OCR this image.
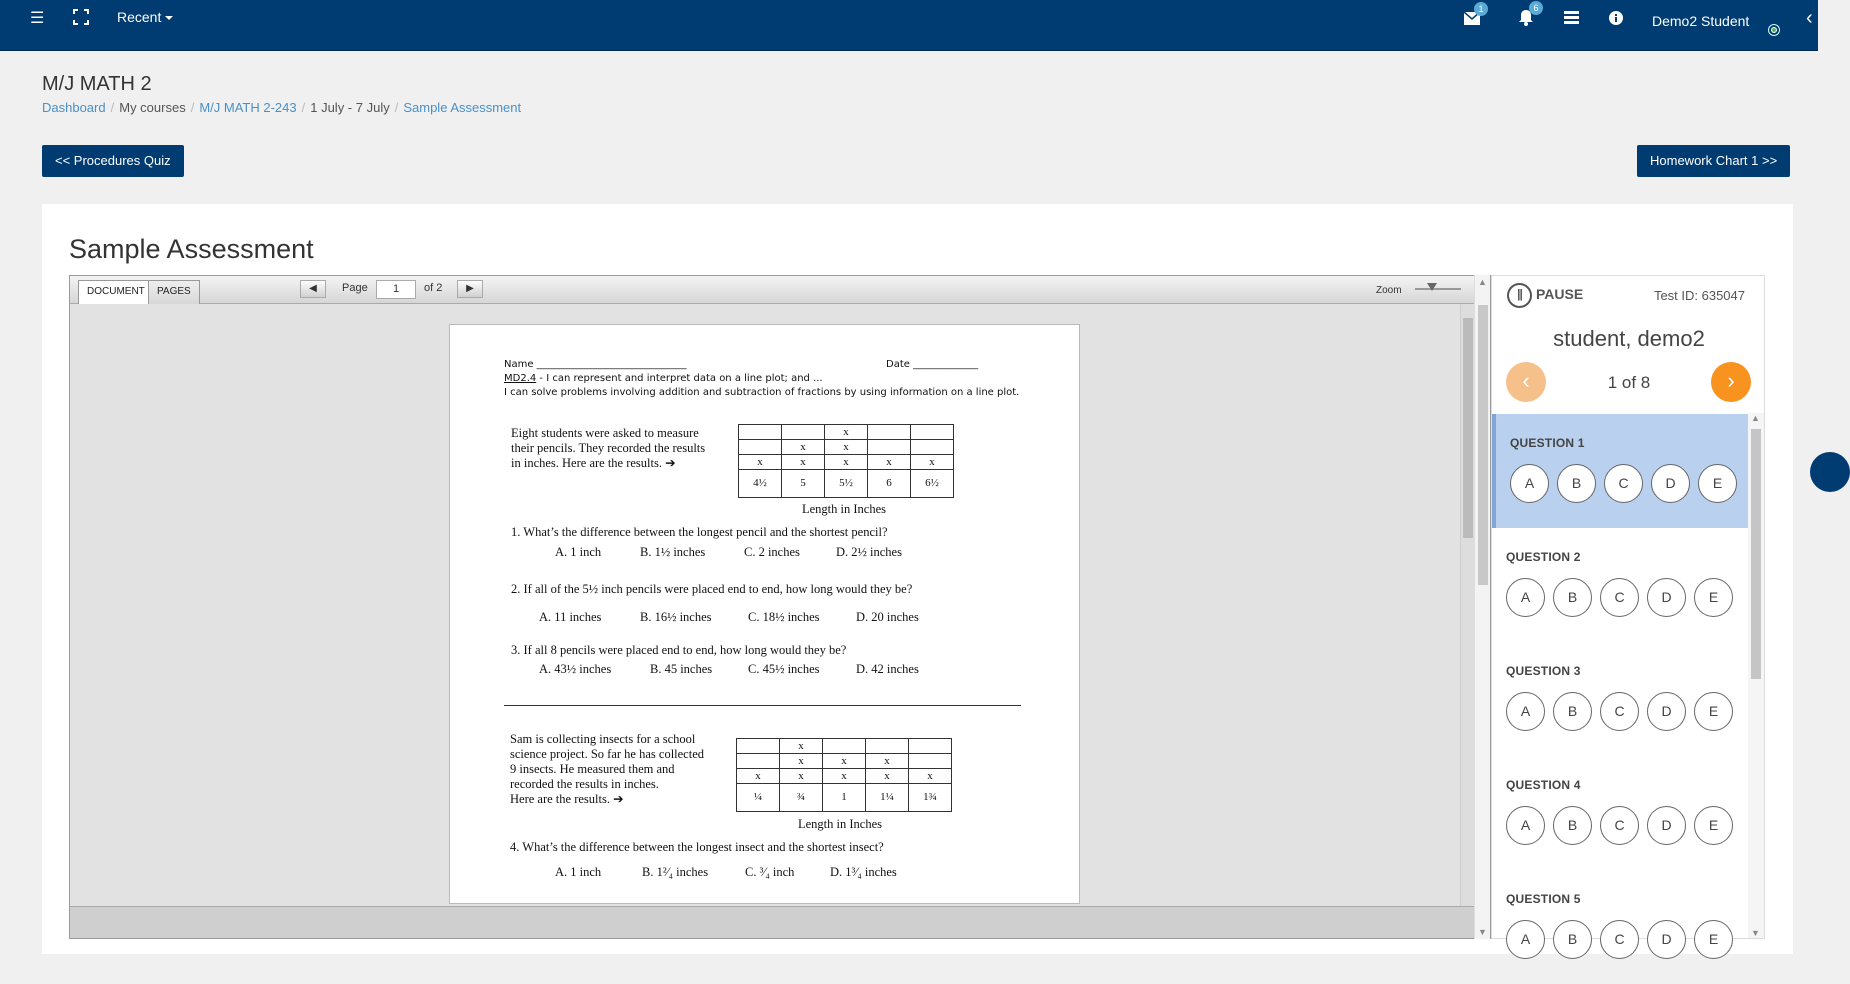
☰	Recent	1	6
Demo2 Student	‹
M/J MATH 2
Dashboard / My courses / M/J MATH 2-243 / 1 July - 7 July / Sample Assessment
<< Procedures Quiz	Homework Chart 1 >>
Sample Assessment
DOCUMENT	PAGES	◀	Page	1	of 2	▶	Zoom
▲
▼
Name ______________________________	Date _____________
MD2.4 - I can represent and interpret data on a line plot; and ...
I can solve problems involving addition and subtraction of fractions by using information on a line plot.
Eight students were asked to measure
their pencils. They recorded the results
in inches. Here are the results. ➔
		x		
	x	x		
x	x	x	x	x
4½	5	5½	6	6½
Length in Inches
1. What’s the difference between the longest pencil and the shortest pencil?
A. 1 inch	B. 1½ inches	C. 2 inches	D. 2½ inches
2. If all of the 5½ inch pencils were placed end to end, how long would they be?
A. 11 inches	B. 16½ inches	C. 18½ inches	D. 20 inches
3. If all 8 pencils were placed end to end, how long would they be?
A. 43½ inches	B. 45 inches	C. 45½ inches	D. 42 inches
Sam is collecting insects for a school
science project. So far he has collected
9 insects. He measured them and
recorded the results in inches.
Here are the results. ➔
	x			
	x	x	x	
x	x	x	x	x
¼	¾	1	1¼	1¾
Length in Inches
4. What’s the difference between the longest insect and the shortest insect?
A. 1 inch	B. 1²⁄₄ inches	C. ³⁄₄ inch	D. 1³⁄₄ inches
|| PAUSE	Test ID: 635047
student, demo2
‹	1 of 8	›
QUESTION 1
A	B	C	D	E
QUESTION 2
A	B	C	D	E
QUESTION 3
A	B	C	D	E
QUESTION 4
A	B	C	D	E
QUESTION 5
A	B	C	D	E
▲
▼
